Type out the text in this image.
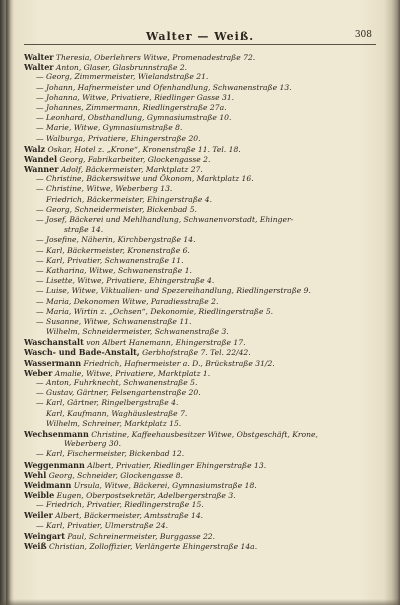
Walter — Weiß.	308
Walter Theresia, Oberlehrers Witwe, Promenadestraße 72.
Walter Anton, Glaser, Glasbrunnstraße 2.
— Georg, Zimmermeister, Wielandstraße 21.
— Johann, Hafnermeister und Ofenhandlung, Schwanenstraße 13.
— Johanna, Witwe, Privatiere, Riedlinger Gasse 31.
— Johannes, Zimmermann, Riedlingerstraße 27a.
— Leonhard, Obsthandlung, Gymnasiumstraße 10.
— Marie, Witwe, Gymnasiumstraße 8.
— Walburga, Privatiere, Ehingerstraße 20.
Walz Oskar, Hotel z. „Krone“, Kronenstraße 11. Tel. 18.
Wandel Georg, Fabrikarbeiter, Glockengasse 2.
Wanner Adolf, Bäckermeister, Marktplatz 27.
— Christine, Bäckerswitwe und Ökonom, Marktplatz 16.
— Christine, Witwe, Weberberg 13.
Friedrich, Bäckermeister, Ehingerstraße 4.
— Georg, Schneidermeister, Bickenbad 5.
— Josef, Bäckerei und Mehlhandlung, Schwanenvorstadt, Ehinger-
straße 14.
— Josefine, Näherin, Kirchbergstraße 14.
— Karl, Bäckermeister, Kronenstraße 6.
— Karl, Privatier, Schwanenstraße 11.
— Katharina, Witwe, Schwanenstraße 1.
— Lisette, Witwe, Privatiere, Ehingerstraße 4.
— Luise, Witwe, Viktualien- und Spezereihandlung, Riedlingerstraße 9.
— Maria, Dekonomen Witwe, Paradiesstraße 2.
— Maria, Wirtin z. „Ochsen“, Dekonomie, Riedlingerstraße 5.
— Susanne, Witwe, Schwanenstraße 11.
Wilhelm, Schneidermeister, Schwanenstraße 3.
Waschanstalt von Albert Hanemann, Ehingerstraße 17.
Wasch- und Bade-Anstalt, Gerbhofstraße 7. Tel. 22/42.
Wassermann Friedrich, Hafnermeister a. D., Brückstraße 31/2.
Weber Amalie, Witwe, Privatiere, Marktplatz 1.
— Anton, Fuhrknecht, Schwanenstraße 5.
— Gustav, Gärtner, Felsengartenstraße 20.
— Karl, Gärtner, Ringelbergstraße 4.
Karl, Kaufmann, Waghäuslestraße 7.
Wilhelm, Schreiner, Marktplatz 15.
Wechsenmann Christine, Kaffeehausbesitzer Witwe, Obstgeschäft, Krone,
Weberberg 30.
— Karl, Fischermeister, Bickenbad 12.
Weggenmann Albert, Privatier, Riedlinger Ehingerstraße 13.
Wehl Georg, Schneider, Glockengasse 8.
Weidmann Ursula, Witwe, Bäckerei, Gymnasiumstraße 18.
Weible Eugen, Oberpostsekretär, Adelbergerstraße 3.
— Friedrich, Privatier, Riedlingerstraße 15.
Weiler Albert, Bäckermeister, Amtsstraße 14.
— Karl, Privatier, Ulmerstraße 24.
Weingart Paul, Schreinermeister, Burggasse 22.
Weiß Christian, Zolloffizier, Verlängerte Ehingerstraße 14a.
